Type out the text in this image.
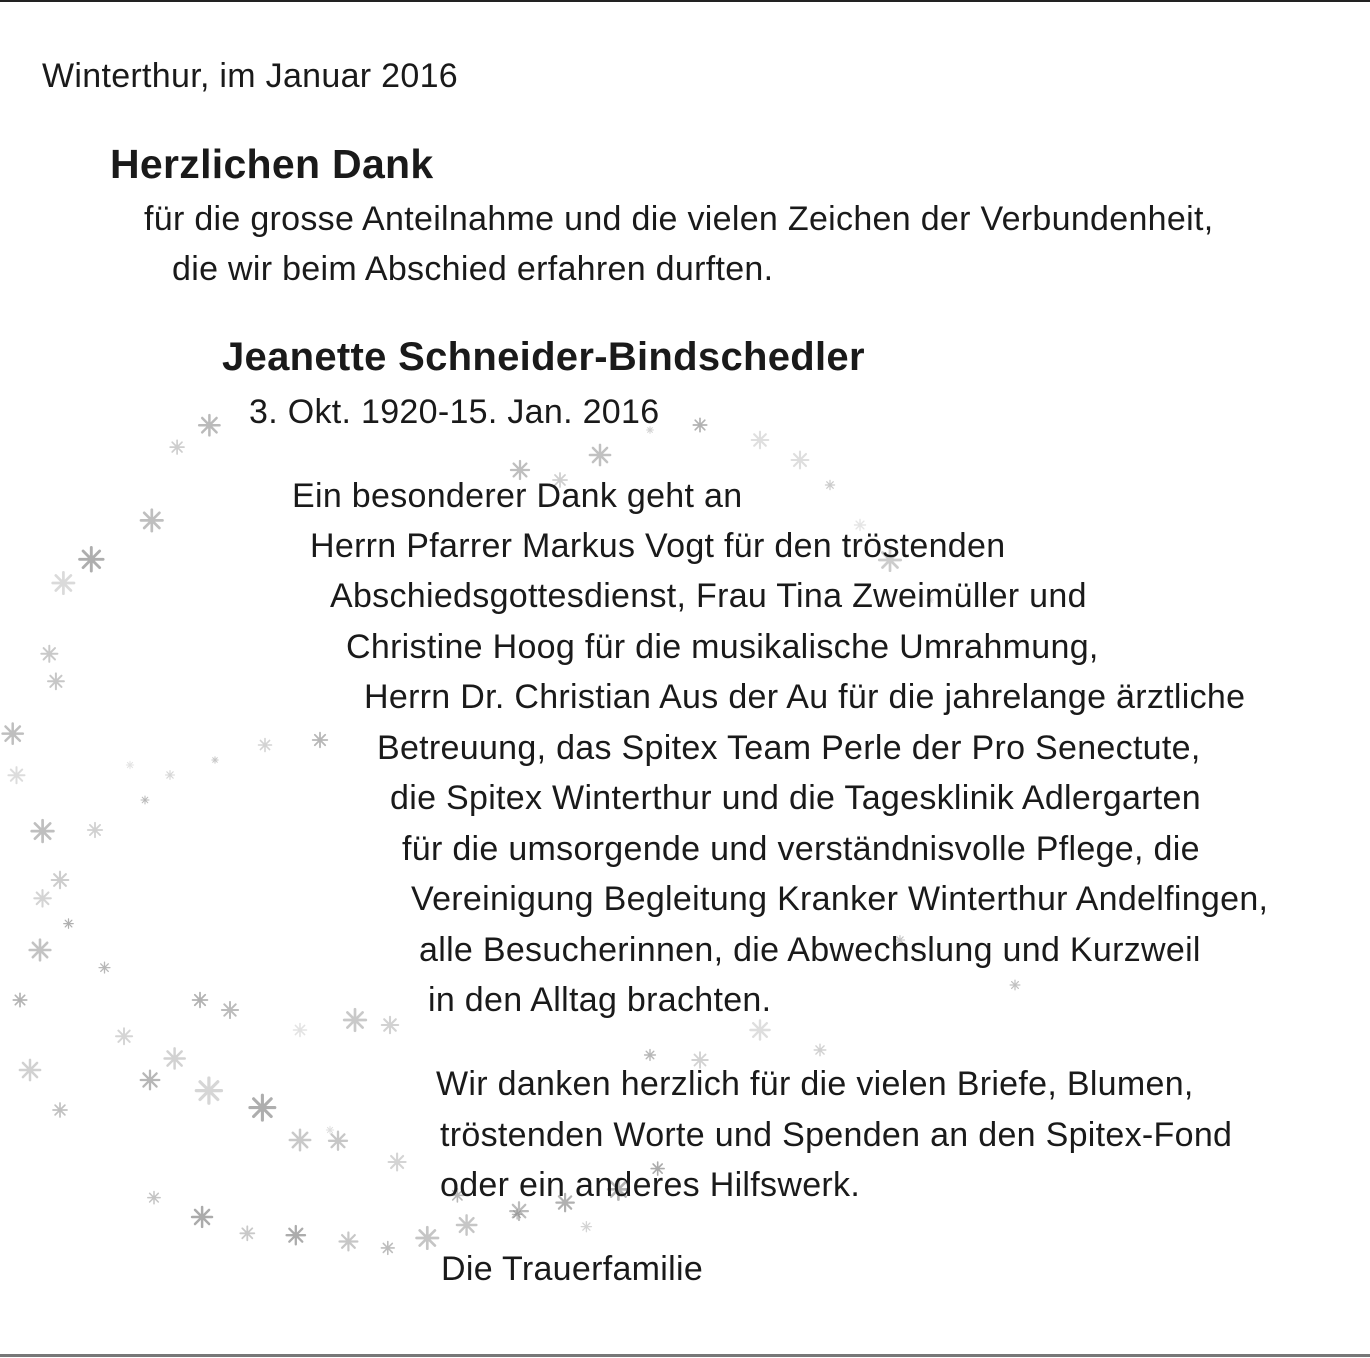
Winterthur, im Januar 2016
Herzlichen Dank
für die grosse Anteilnahme und die vielen Zeichen der Verbundenheit,
die wir beim Abschied erfahren durften.
Jeanette Schneider-Bindschedler
3. Okt. 1920-15. Jan. 2016
Ein besonderer Dank geht an
Herrn Pfarrer Markus Vogt für den tröstenden
Abschiedsgottesdienst, Frau Tina Zweimüller und
Christine Hoog für die musikalische Umrahmung,
Herrn Dr. Christian Aus der Au für die jahrelange ärztliche
Betreuung, das Spitex Team Perle der Pro Senectute,
die Spitex Winterthur und die Tagesklinik Adlergarten
für die umsorgende und verständnisvolle Pflege, die
Vereinigung Begleitung Kranker Winterthur Andelfingen,
alle Besucherinnen, die Abwechslung und Kurzweil
in den Alltag brachten.
Wir danken herzlich für die vielen Briefe, Blumen,
tröstenden Worte und Spenden an den Spitex-Fond
oder ein anderes Hilfswerk.
Die Trauerfamilie
